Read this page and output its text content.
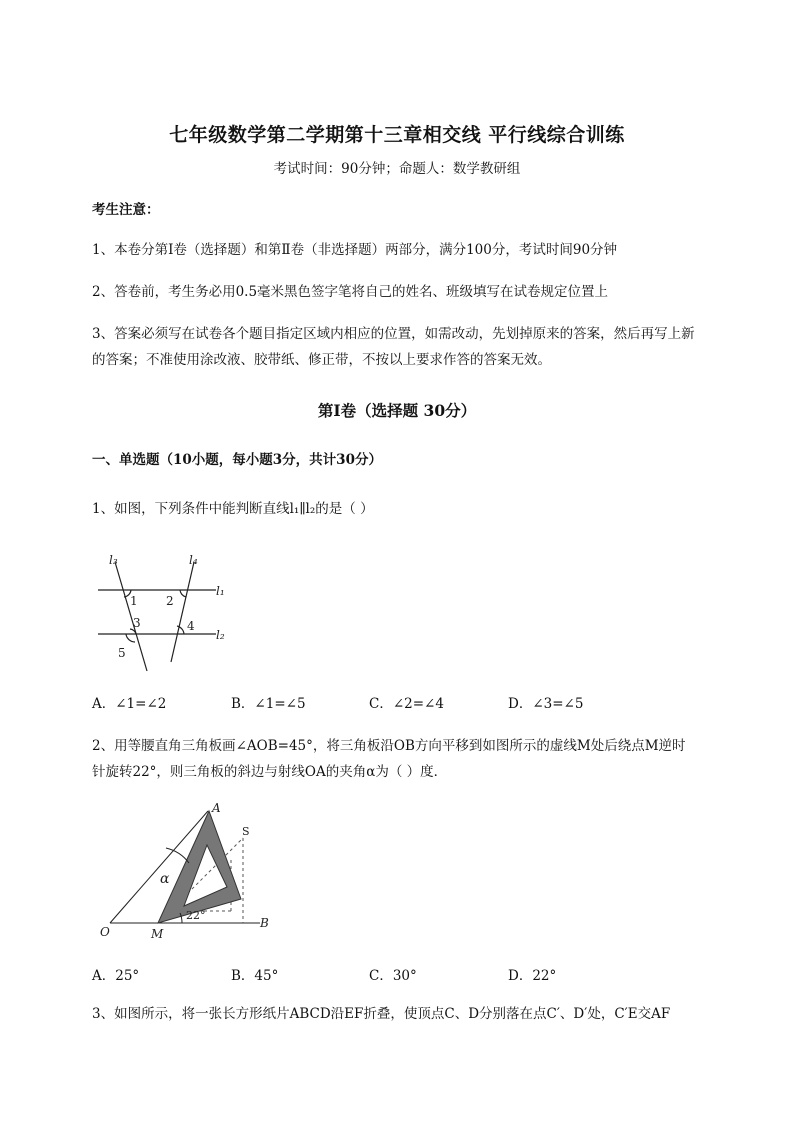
七年级数学第二学期第十三章相交线 平行线综合训练
考试时间：90分钟；命题人：数学教研组
考生注意：
1、本卷分第Ⅰ卷（选择题）和第Ⅱ卷（非选择题）两部分，满分100分，考试时间90分钟
2、答卷前，考生务必用0.5毫米黑色签字笔将自己的姓名、班级填写在试卷规定位置上
3、答案必须写在试卷各个题目指定区域内相应的位置，如需改动，先划掉原来的答案，然后再写上新
的答案；不准使用涂改液、胶带纸、修正带，不按以上要求作答的答案无效。
第Ⅰ卷（选择题 30分）
一、单选题（10小题，每小题3分，共计30分）
1、如图，下列条件中能判断直线l₁∥l₂的是（ ）
l₃	l₄
l₁
l₂
1 2
3	4
5
A．∠1=∠2	B．∠1=∠5	C．∠2=∠4	D．∠3=∠5
2、用等腰直角三角板画∠AOB=45°，将三角板沿OB方向平移到如图所示的虚线M处后绕点M逆时
针旋转22°，则三角板的斜边与射线OA的夹角α为（ ）度．
A
S
O	M
B
α
22°
A．25°	B．45°	C．30°	D．22°
3、如图所示，将一张长方形纸片ABCD沿EF折叠，使顶点C、D分别落在点C′、D′处，C′E交AF
